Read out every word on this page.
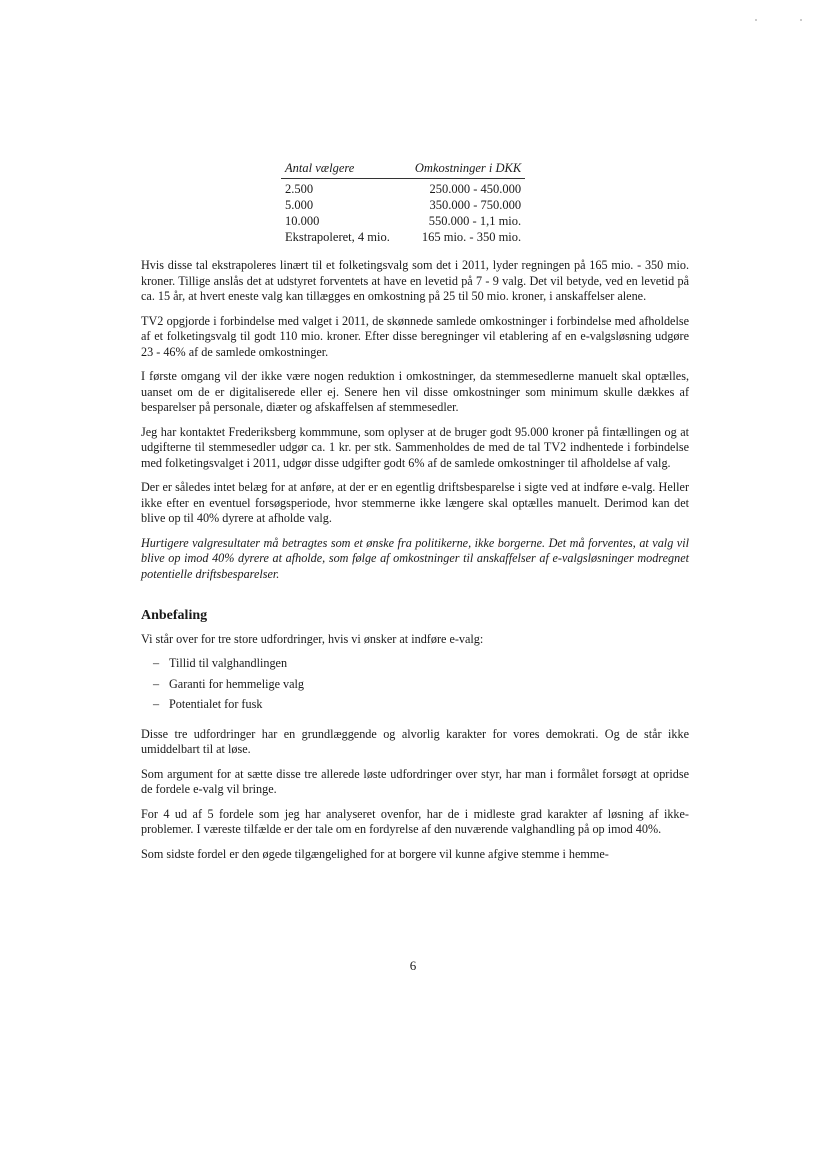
Antal vælgere	Omkostninger i DKK
2.500	250.000 - 450.000
5.000	350.000 - 750.000
10.000	550.000 - 1,1 mio.
Ekstrapoleret, 4 mio.	165 mio. - 350 mio.

Hvis disse tal ekstrapoleres linært til et folketingsvalg som det i 2011, lyder regningen på 165 mio. - 350 mio. kroner. Tillige anslås det at udstyret forventets at have en levetid på 7 - 9 valg. Det vil betyde, ved en levetid på ca. 15 år, at hvert eneste valg kan tillægges en omkostning på 25 til 50 mio. kroner, i anskaffelser alene.

TV2 opgjorde i forbindelse med valget i 2011, de skønnede samlede omkostninger i forbindelse med afholdelse af et folketingsvalg til godt 110 mio. kroner. Efter disse beregninger vil etablering af en e-valgsløsning udgøre 23 - 46% af de samlede omkostninger.

I første omgang vil der ikke være nogen reduktion i omkostninger, da stemmesedlerne manuelt skal optælles, uanset om de er digitaliserede eller ej. Senere hen vil disse omkostninger som minimum skulle dækkes af besparelser på personale, diæter og afskaffelsen af stemmesedler.

Jeg har kontaktet Frederiksberg kommmune, som oplyser at de bruger godt 95.000 kroner på fintællingen og at udgifterne til stemmesedler udgør ca. 1 kr. per stk. Sammenholdes de med de tal TV2 indhentede i forbindelse med folketingsvalget i 2011, udgør disse udgifter godt 6% af de samlede omkostninger til afholdelse af valg.

Der er således intet belæg for at anføre, at der er en egentlig driftsbesparelse i sigte ved at indføre e-valg. Heller ikke efter en eventuel forsøgsperiode, hvor stemmerne ikke længere skal optælles manuelt. Derimod kan det blive op til 40% dyrere at afholde valg.

Hurtigere valgresultater må betragtes som et ønske fra politikerne, ikke borgerne. Det må forventes, at valg vil blive op imod 40% dyrere at afholde, som følge af omkostninger til anskaffelser af e-valgsløsninger modregnet potentielle driftsbesparelser.

Anbefaling

Vi står over for tre store udfordringer, hvis vi ønsker at indføre e-valg:

– Tillid til valghandlingen
– Garanti for hemmelige valg
– Potentialet for fusk

Disse tre udfordringer har en grundlæggende og alvorlig karakter for vores demokrati. Og de står ikke umiddelbart til at løse.

Som argument for at sætte disse tre allerede løste udfordringer over styr, har man i formålet forsøgt at opridse de fordele e-valg vil bringe.

For 4 ud af 5 fordele som jeg har analyseret ovenfor, har de i midleste grad karakter af løsning af ikke-problemer. I væreste tilfælde er der tale om en fordyrelse af den nuværende valghandling på op imod 40%.

Som sidste fordel er den øgede tilgængelighed for at borgere vil kunne afgive stemme i hemme-

6
